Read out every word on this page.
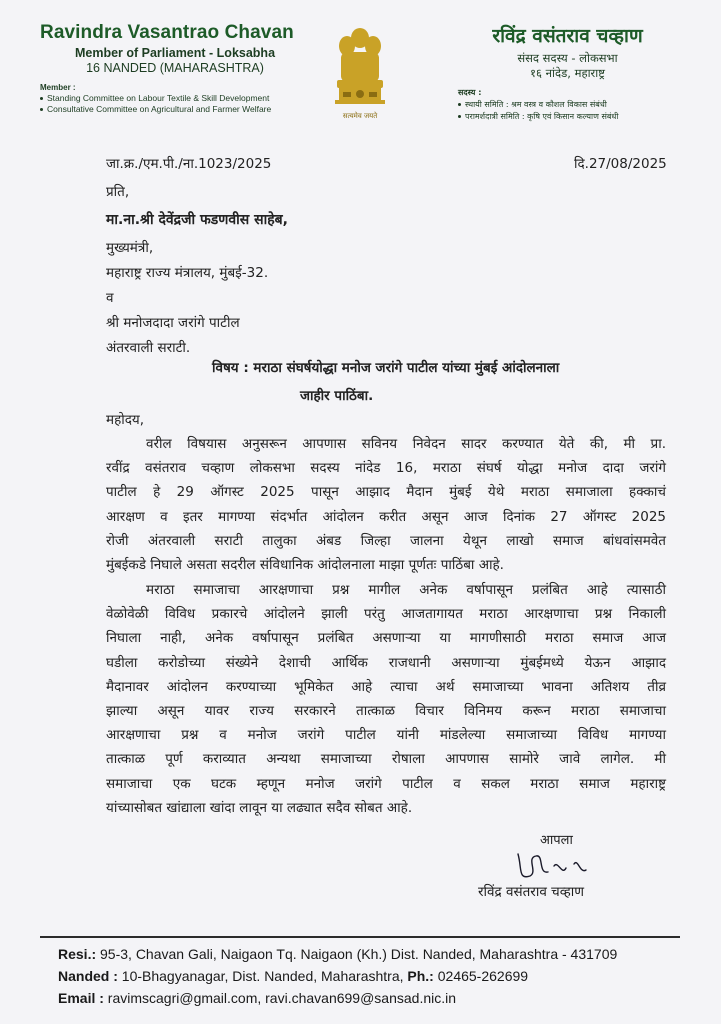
Ravindra Vasantrao Chavan
Member of Parliament - Loksabha
16 NANDED (MAHARASHTRA)
Member :
Standing Committee on Labour Textile & Skill Development
Consultative Committee on Agricultural and Farmer Welfare
सत्यमेव जयते
रविंद्र वसंतराव चव्हाण
संसद सदस्य - लोकसभा
१६ नांदेड, महाराष्ट्र
सदस्य :
स्थायी समिति : श्रम वस्त्र व कौशल विकास संबंधी
परामर्शदात्री समिति : कृषि एवं किसान कल्याण संबंधी
जा.क्र./एम.पी./ना.1023/2025	दि.27/08/2025
प्रति,
मा.ना.श्री देवेंद्रजी फडणवीस साहेब,
मुख्यमंत्री,
महाराष्ट्र राज्य मंत्रालय, मुंबई-32.
व
श्री मनोजदादा जरांगे पाटील
अंतरवाली सराटी.
विषय : मराठा संघर्षयोद्धा मनोज जरांगे पाटील यांच्या मुंबई आंदोलनाला
जाहीर पाठिंबा.
महोदय,
वरील विषयास अनुसरून आपणास सविनय निवेदन सादर करण्यात येते की, मी प्रा.
रवींद्र वसंतराव चव्हाण लोकसभा सदस्य नांदेड 16, मराठा संघर्ष योद्धा मनोज दादा जरांगे
पाटील हे 29 ऑगस्ट 2025 पासून आझाद मैदान मुंबई येथे मराठा समाजाला हक्काचं
आरक्षण व इतर मागण्या संदर्भात आंदोलन करीत असून आज दिनांक 27 ऑगस्ट 2025
रोजी अंतरवाली सराटी तालुका अंबड जिल्हा जालना येथून लाखो समाज बांधवांसमवेत
मुंबईकडे निघाले असता सदरील संविधानिक आंदोलनाला माझा पूर्णतः पाठिंबा आहे.
मराठा समाजाचा आरक्षणाचा प्रश्न मागील अनेक वर्षापासून प्रलंबित आहे त्यासाठी
वेळोवेळी विविध प्रकारचे आंदोलने झाली परंतु आजतागायत मराठा आरक्षणाचा प्रश्न निकाली
निघाला नाही, अनेक वर्षापासून प्रलंबित असणाऱ्या या मागणीसाठी मराठा समाज आज
घडीला करोडोच्या संख्येने देशाची आर्थिक राजधानी असणाऱ्या मुंबईमध्ये येऊन आझाद
मैदानावर आंदोलन करण्याच्या भूमिकेत आहे त्याचा अर्थ समाजाच्या भावना अतिशय तीव्र
झाल्या असून यावर राज्य सरकारने तात्काळ विचार विनिमय करून मराठा समाजाचा
आरक्षणाचा प्रश्न व मनोज जरांगे पाटील यांनी मांडलेल्या समाजाच्या विविध मागण्या
तात्काळ पूर्ण कराव्यात अन्यथा समाजाच्या रोषाला आपणास सामोरे जावे लागेल. मी
समाजाचा एक घटक म्हणून मनोज जरांगे पाटील व सकल मराठा समाज महाराष्ट्र
यांच्यासोबत खांद्याला खांदा लावून या लढ्यात सदैव सोबत आहे.
आपला
रविंद्र वसंतराव चव्हाण
Resi.: 95-3, Chavan Gali, Naigaon Tq. Naigaon (Kh.) Dist. Nanded, Maharashtra - 431709
Nanded : 10-Bhagyanagar, Dist. Nanded, Maharashtra, Ph.: 02465-262699
Email : ravimscagri@gmail.com, ravi.chavan699@sansad.nic.in
